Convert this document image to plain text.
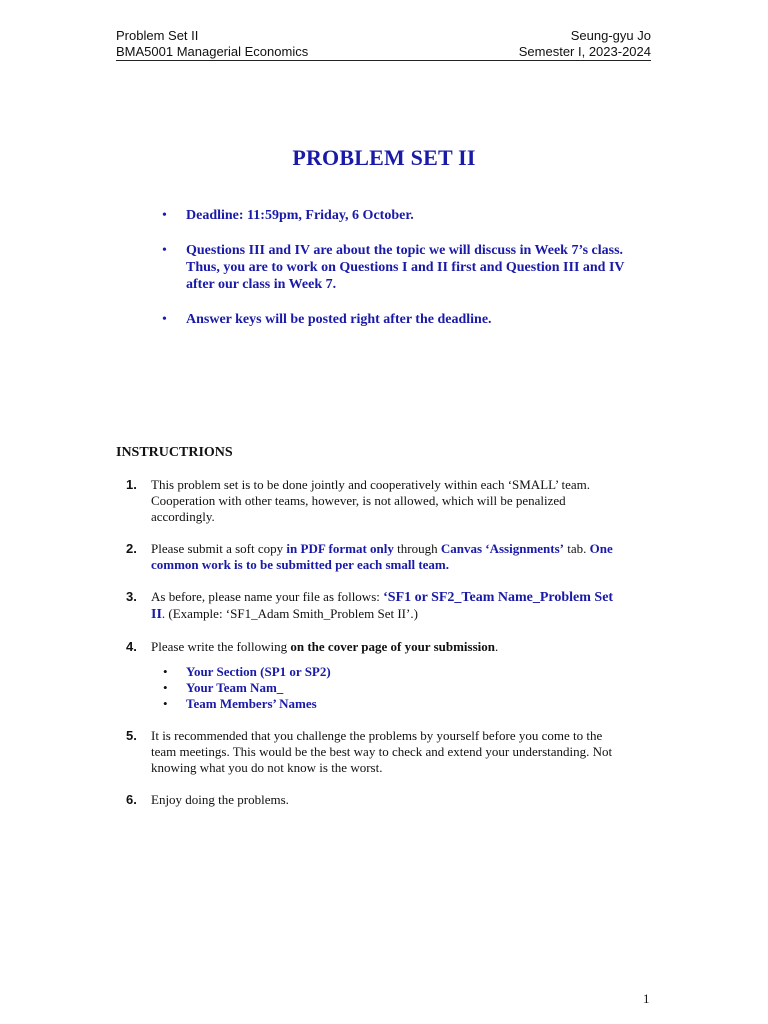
Problem Set II
BMA5001 Managerial Economics
Seung-gyu Jo
Semester I, 2023-2024
PROBLEM SET II
• Deadline: 11:59pm, Friday, 6 October.
• Questions III and IV are about the topic we will discuss in Week 7’s class. Thus, you are to work on Questions I and II first and Question III and IV after our class in Week 7.
• Answer keys will be posted right after the deadline.
INSTRUCTRIONS
1. This problem set is to be done jointly and cooperatively within each ‘SMALL’ team. Cooperation with other teams, however, is not allowed, which will be penalized accordingly.
2. Please submit a soft copy in PDF format only through Canvas ‘Assignments’ tab. One common work is to be submitted per each small team.
3. As before, please name your file as follows: ‘SF1 or SF2_Team Name_Problem Set II. (Example: ‘SF1_Adam Smith_Problem Set II’.)
4. Please write the following on the cover page of your submission.
• Your Section (SP1 or SP2)
• Your Team Nam_
• Team Members’ Names
5. It is recommended that you challenge the problems by yourself before you come to the team meetings. This would be the best way to check and extend your understanding. Not knowing what you do not know is the worst.
6. Enjoy doing the problems.
1
